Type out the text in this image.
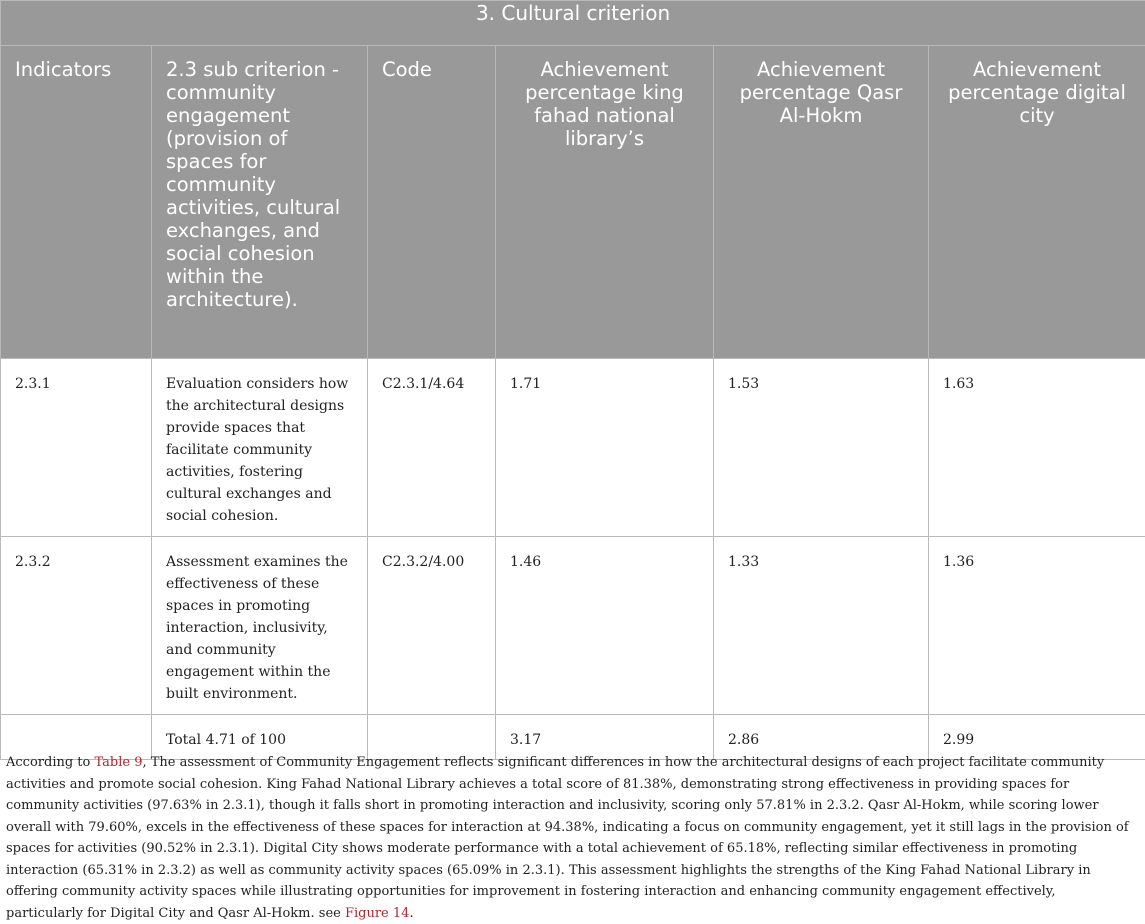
3. Cultural criterion					
Indicators	2.3 sub criterion - community engagement (provision of spaces for community activities, cultural exchanges, and social cohesion within the architecture).	Code	Achievement percentage king fahad national library’s	Achievement percentage Qasr Al-Hokm	Achievement percentage digital city
2.3.1	Evaluation considers how the architectural designs provide spaces that facilitate community activities, fostering cultural exchanges and social cohesion.	C2.3.1/4.64	1.71	1.53	1.63
2.3.2	Assessment examines the effectiveness of these spaces in promoting interaction, inclusivity, and community engagement within the built environment.	C2.3.2/4.00	1.46	1.33	1.36
	Total 4.71 of 100		3.17	2.86	2.99

According to Table 9, The assessment of Community Engagement reflects significant differences in how the architectural designs of each project facilitate community activities and promote social cohesion. King Fahad National Library achieves a total score of 81.38%, demonstrating strong effectiveness in providing spaces for community activities (97.63% in 2.3.1), though it falls short in promoting interaction and inclusivity, scoring only 57.81% in 2.3.2. Qasr Al-Hokm, while scoring lower overall with 79.60%, excels in the effectiveness of these spaces for interaction at 94.38%, indicating a focus on community engagement, yet it still lags in the provision of spaces for activities (90.52% in 2.3.1). Digital City shows moderate performance with a total achievement of 65.18%, reflecting similar effectiveness in promoting interaction (65.31% in 2.3.2) as well as community activity spaces (65.09% in 2.3.1). This assessment highlights the strengths of the King Fahad National Library in offering community activity spaces while illustrating opportunities for improvement in fostering interaction and enhancing community engagement effectively, particularly for Digital City and Qasr Al-Hokm. see Figure 14.
